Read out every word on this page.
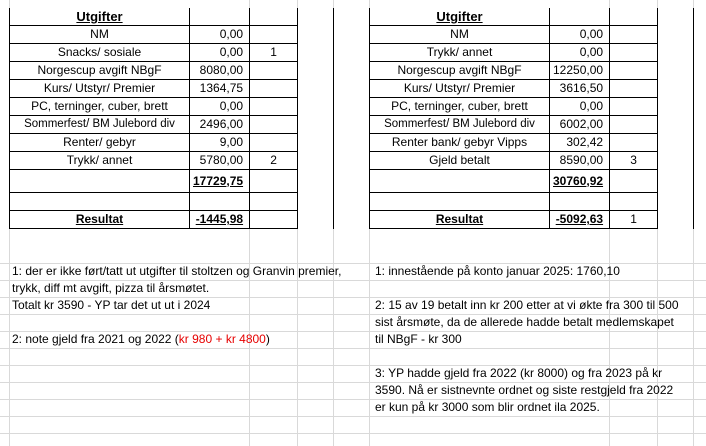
Utgifter			
NM	0,00		
Snacks/ sosiale	0,00	1	
Norgescup avgift NBgF	8080,00		
Kurs/ Utstyr/ Premier	1364,75		
PC, terninger, cuber, brett	0,00		
Sommerfest/ BM Julebord div	2496,00		
Renter/ gebyr	9,00		
Trykk/ annet	5780,00	2	
	17729,75		

Resultat	-1445,98		

1: der er ikke ført/tatt ut utgifter til stoltzen og Granvin premier, trykk, diff mt avgift, pizza til årsmøtet.

Totalt kr 3590 - YP tar det ut ut i 2024

2: note gjeld fra 2021 og 2022 (kr 980 + kr 4800)

Utgifter			
NM	0,00		
Trykk/ annet	0,00		
Norgescup avgift NBgF	12250,00		
Kurs/ Utstyr/ Premier	3616,50		
PC, terninger, cuber, brett	0,00		
Sommerfest/ BM Julebord div	6002,00		
Renter bank/ gebyr Vipps	302,42		
Gjeld betalt	8590,00	3	
	30760,92		

Resultat	-5092,63	1	

1: innestående på konto januar 2025: 1760,10

2: 15 av 19 betalt inn kr 200 etter at vi økte fra 300 til 500 sist årsmøte, da de allerede hadde betalt medlemskapet til NBgF - kr 300

3: YP hadde gjeld fra 2022 (kr 8000) og fra 2023 på kr 3590. Nå er sistnevnte ordnet og siste restgjeld fra 2022 er kun på kr 3000 som blir ordnet ila 2025.
